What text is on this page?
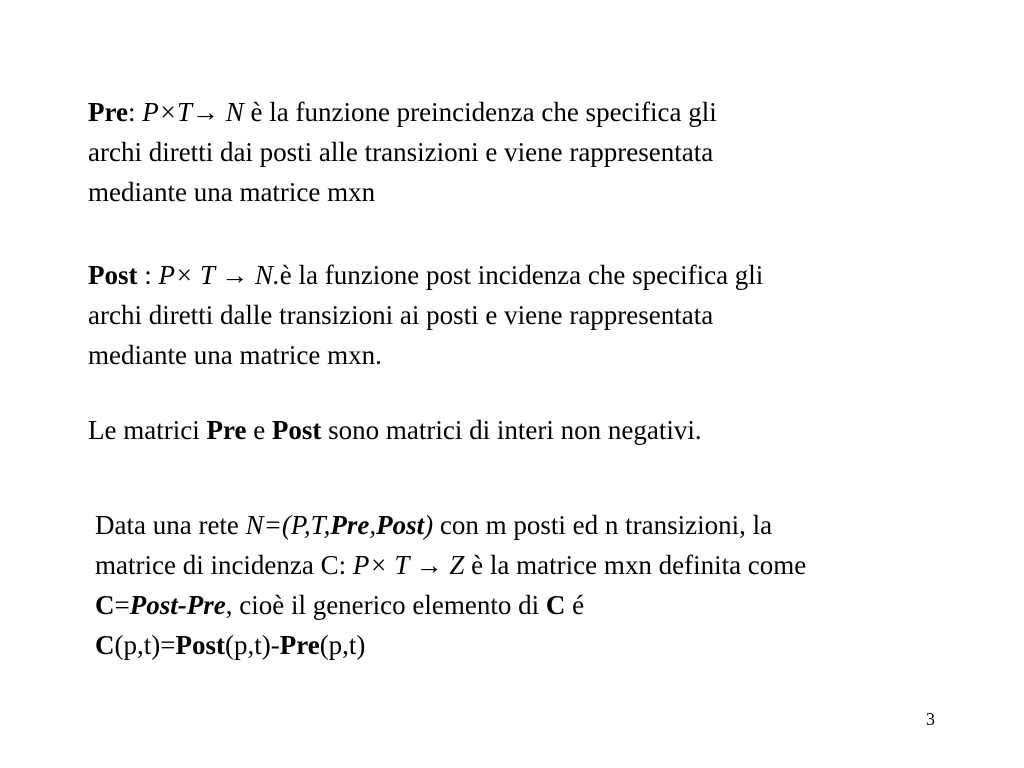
Pre: P×T→ N è la funzione preincidenza che specifica gli
archi diretti dai posti alle transizioni e viene rappresentata
mediante una matrice mxn
Post : P× T → N.è la funzione post incidenza che specifica gli
archi diretti dalle transizioni ai posti e viene rappresentata
mediante una matrice mxn.
Le matrici Pre e Post sono matrici di interi non negativi.
Data una rete N=(P,T,Pre,Post) con m posti ed n transizioni, la
matrice di incidenza C: P× T → Z è la matrice mxn definita come
C=Post-Pre, cioè il generico elemento di C é
C(p,t)=Post(p,t)-Pre(p,t)
3
